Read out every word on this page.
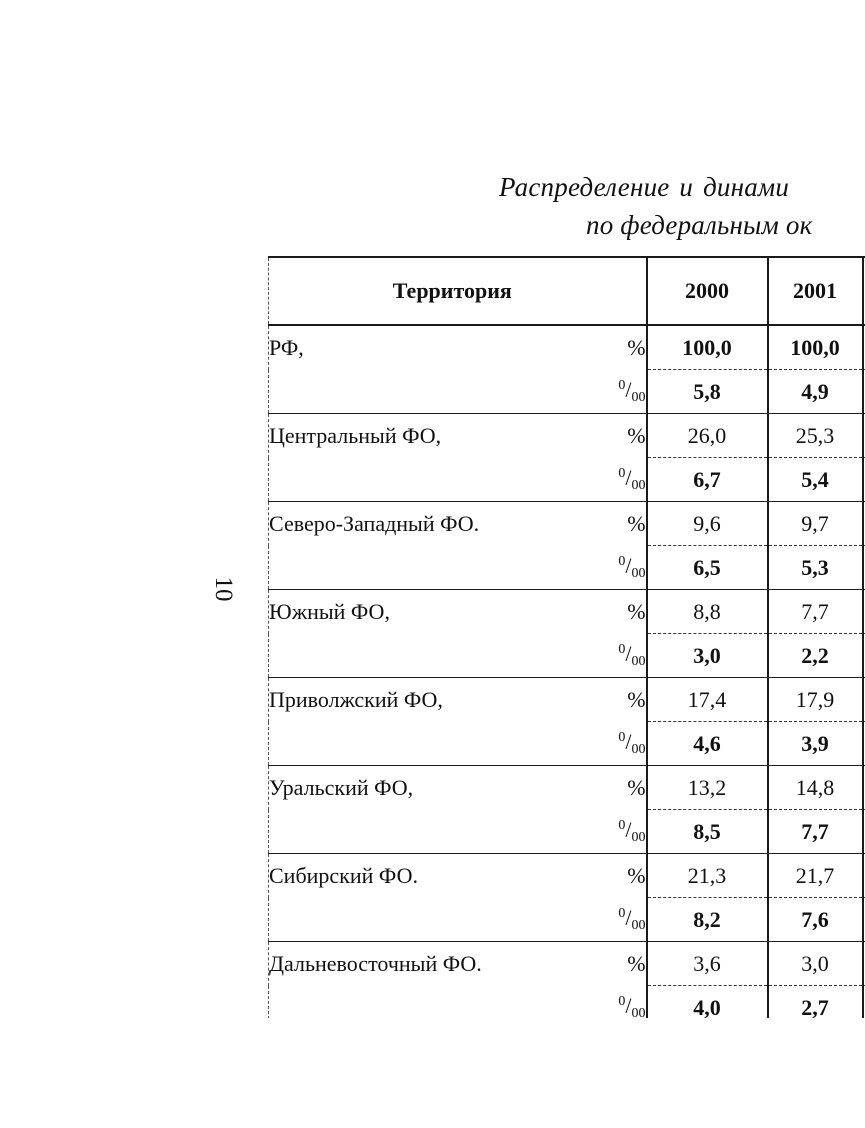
10
Распределение и динами
по федеральным ок
Территория		2000	2001	
РФ,	%	100,0	100,0	
	$^0/_{00}$	5,8	4,9	
Центральный ФО,	%	26,0	25,3	
	$^0/_{00}$	6,7	5,4	
Северо-Западный ФО.	%	9,6	9,7	
	$^0/_{00}$	6,5	5,3	
Южный ФО,	%	8,8	7,7	
	$^0/_{00}$	3,0	2,2	
Приволжский ФО,	%	17,4	17,9	
	$^0/_{00}$	4,6	3,9	
Уральский ФО,	%	13,2	14,8	
	$^0/_{00}$	8,5	7,7	
Сибирский ФО.	%	21,3	21,7	
	$^0/_{00}$	8,2	7,6	
Дальневосточный ФО.	%	3,6	3,0	
	$^0/_{00}$	4,0	2,7	
